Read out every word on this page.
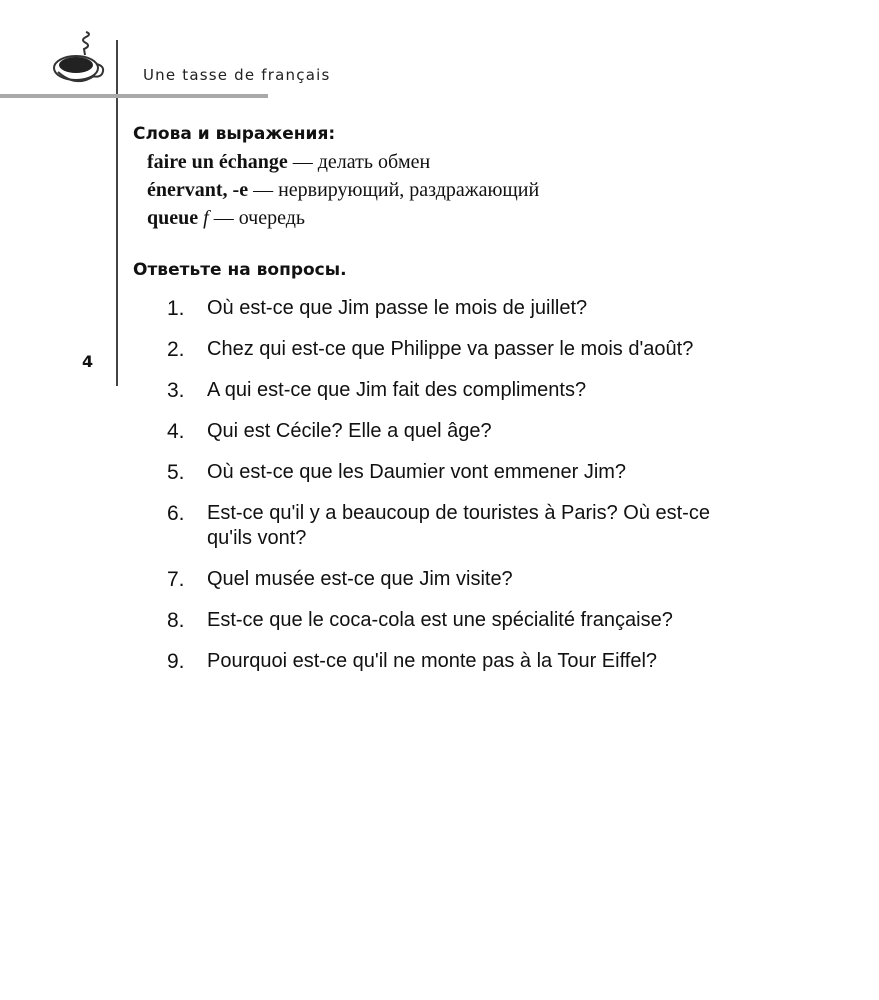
Une tasse de français
4
Слова и выражения:
faire un échange — делать обмен
énervant, -e — нервирующий, раздражающий
queue f — очередь
Ответьте на вопросы.
1.	Où est-ce que Jim passe le mois de juillet?
2.	Chez qui est-ce que Philippe va passer le mois d'août?
3.	A qui est-ce que Jim fait des compliments?
4.	Qui est Cécile? Elle a quel âge?
5.	Où est-ce que les Daumier vont emmener Jim?
6.	Est-ce qu'il y a beaucoup de touristes à Paris? Où est-ce qu'ils vont?
7.	Quel musée est-ce que Jim visite?
8.	Est-ce que le coca-cola est une spécialité française?
9.	Pourquoi est-ce qu'il ne monte pas à la Tour Eiffel?
